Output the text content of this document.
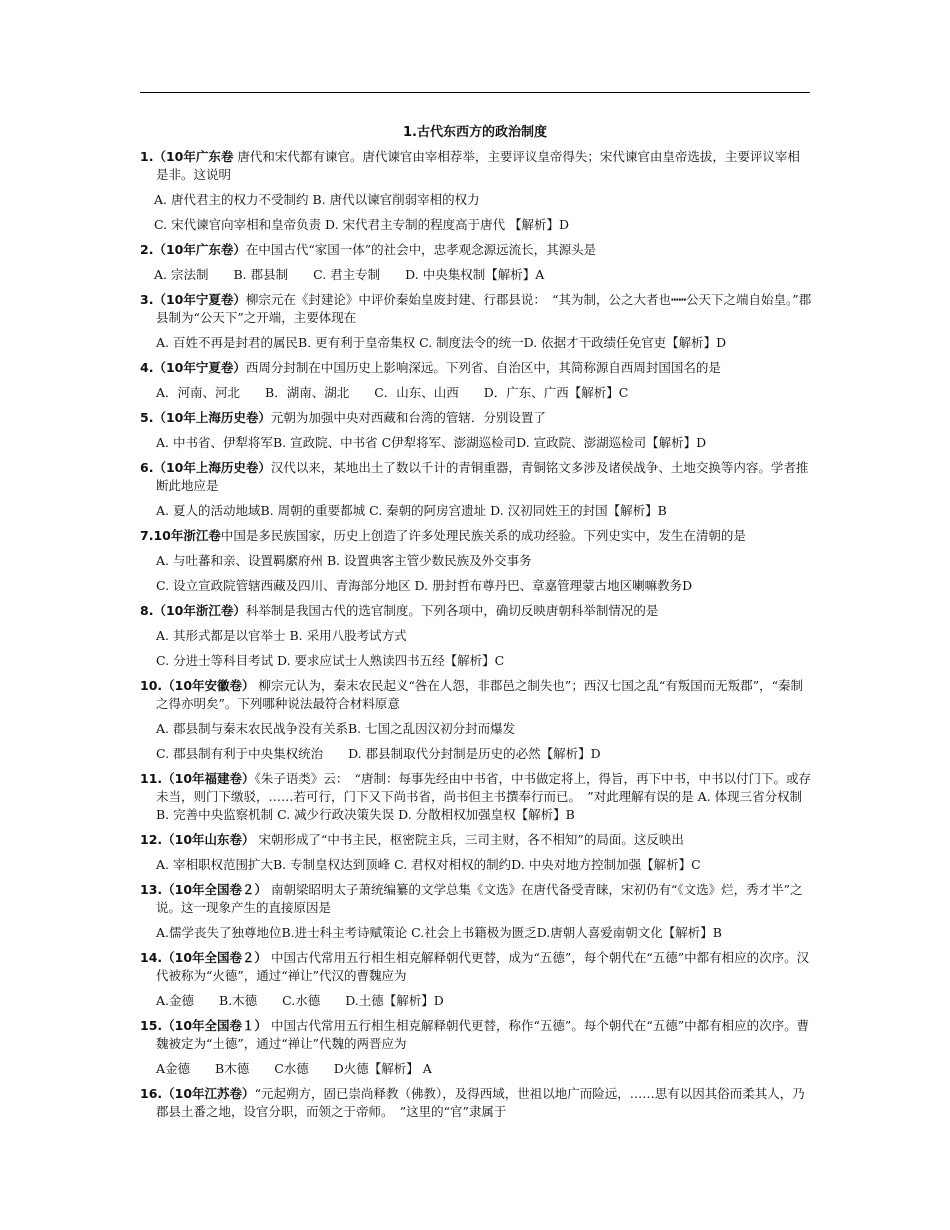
1.古代东西方的政治制度
1.（10年广东卷 唐代和宋代都有谏官。唐代谏官由宰相荐举，主要评议皇帝得失；宋代谏官由皇帝选拔，主要评议宰相是非。这说明
A. 唐代君主的权力不受制约 B. 唐代以谏官削弱宰相的权力
C. 宋代谏官向宰相和皇帝负责 D. 宋代君主专制的程度高于唐代 【解析】D
2.（10年广东卷）在中国古代“家国一体”的社会中，忠孝观念源远流长，其源头是
A. 宗法制　　B. 郡县制　　C. 君主专制　　D. 中央集权制【解析】A
3.（10年宁夏卷）柳宗元在《封建论》中评价秦始皇废封建、行郡县说：　“其为制，公之大者也┅┅公天下之端自始皇。”郡县制为“公天下”之开端，主要体现在
A. 百姓不再是封君的属民B. 更有利于皇帝集权 C. 制度法令的统一D. 依据才干政绩任免官吏【解析】D
4.（10年宁夏卷）西周分封制在中国历史上影响深远。下列省、自治区中，其简称源自西周封国国名的是
A．河南、河北　　B．湖南、湖北　　C．山东、山西　　D．广东、广西【解析】C
5.（10年上海历史卷）元朝为加强中央对西藏和台湾的管辖．分别设置了
A. 中书省、伊犁将军B. 宣政院、中书省 C伊犁将军、澎湖巡检司D. 宣政院、澎湖巡检司【解析】D
6.（10年上海历史卷）汉代以来，某地出土了数以千计的青铜重器，青铜铭文多涉及诸侯战争、土地交换等内容。学者推断此地应是
A. 夏人的活动地域B. 周朝的重要都城 C. 秦朝的阿房宫遗址 D. 汉初同姓王的封国【解析】B
7.10年浙江卷中国是多民族国家，历史上创造了许多处理民族关系的成功经验。下列史实中，发生在清朝的是
A. 与吐蕃和亲、设置羁縻府州 B. 设置典客主管少数民族及外交事务
C. 设立宣政院管辖西藏及四川、青海部分地区 D. 册封哲布尊丹巴、章嘉管理蒙古地区喇嘛教务D
8.（10年浙江卷）科举制是我国古代的选官制度。下列各项中，确切反映唐朝科举制情况的是
A. 其形式都是以官举士 B. 采用八股考试方式
C. 分进士等科目考试 D. 要求应试士人熟读四书五经【解析】C
10.（10年安徽卷） 柳宗元认为，秦末农民起义“咎在人怨，非郡邑之制失也”；西汉七国之乱“有叛国而无叛郡”，“秦制之得亦明矣”。下列哪种说法最符合材料原意
A. 郡县制与秦末农民战争没有关系B. 七国之乱因汉初分封而爆发
C. 郡县制有利于中央集权统治　　D. 郡县制取代分封制是历史的必然【解析】D
11.（10年福建卷）《朱子语类》云：　“唐制：每事先经由中书省，中书做定将上，得旨，再下中书，中书以付门下。或存未当，则门下缴驳，……若可行，门下又下尚书省，尚书但主书撰奉行而已。　”对此理解有误的是 A. 体现三省分权制 B. 完善中央监察机制 C. 减少行政决策失误 D. 分散相权加强皇权【解析】B
12.（10年山东卷） 宋朝形成了“中书主民，枢密院主兵，三司主财，各不相知”的局面。这反映出
A. 宰相职权范围扩大B. 专制皇权达到顶峰 C. 君权对相权的制约D. 中央对地方控制加强【解析】C
13.（10年全国卷２） 南朝梁昭明太子萧统编纂的文学总集《文选》在唐代备受青睐，宋初仍有“《文选》烂，秀才半”之说。这一现象产生的直接原因是
A.儒学丧失了独尊地位B.进士科主考诗赋策论 C.社会上书籍极为匮乏D.唐朝人喜爱南朝文化【解析】B
14.（10年全国卷２） 中国古代常用五行相生相克解释朝代更替，成为“五德”，每个朝代在“五德”中都有相应的次序。汉代被称为“火德”，通过“禅让”代汉的曹魏应为
A.金德　　B.木德　　C.水德　　D.土德【解析】D
15.（10年全国卷１） 中国古代常用五行相生相克解释朝代更替，称作“五德”。每个朝代在“五德”中都有相应的次序。曹魏被定为“土德”，通过“禅让”代魏的两晋应为
A金德　　B木德　　C水德　　D火德【解析】 A
16.（10年江苏卷）“元起朔方，固已崇尚释教（佛教），及得西域，世祖以地广而险远，……思有以因其俗而柔其人，乃郡县土番之地，设官分职，而领之于帝师。　”这里的“官”隶属于
